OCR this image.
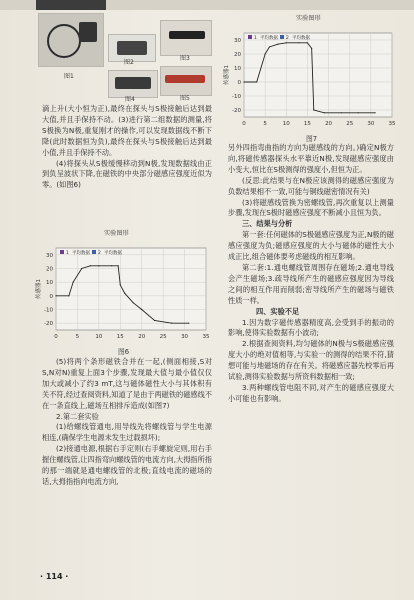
图1
图2
图3
图4	图5

滴上升(大小恒为正),最终在探头与S极接触后达到最大值,并且手保持不动。(3)进行第二组数据的测量,将S极换为N极,重复刚才的操作,可以发现数据线不断下降(此时数据恒为负),最终在探头与S极接触后达到最小值,并且手保持不动。

(4)将探头从S极缓慢移动到N极,发现数据线由正到负呈波状下降,在磁铁的中央部分磁感应强度近似为零。(如图6)

实验图形
0	5	10	15	20	25	30	35
30
20
10
0
-10
-20
传感器1
1 平均数据 2 平均数据
图6

(5)将两个条形磁铁合并在一起,(侧面相接,S对S,N对N)重复上面3个步骤,发现最大值与最小值仅仅加大或减小了约3 mT,这与磁体磁性大小与其体积有关不符,经过查阅资料,知道了是由于两磁铁的磁感线不在一条直线上,磁场互相排斥造成(如图7)

2.第二套实验

(1)给螺线管通电,用导线先将螺线管与学生电源相连,(确保学生电源未发生过载损坏);

(2)接通电源,根据右手定则(右手螺旋定则,用右手握住螺线管,让四指弯向螺线管的电流方向,大拇指所指的那一端就是通电螺线管的北极;直线电流的磁场的话,大拇指指向电流方向,

实验图形
0	5	10	15	20	25	30	35
30
20
10
0
-10
-20
传感器1
1 平均数据 2 平均数据
图7

另外四指弯曲指的方向为磁感线的方向。)确定N极方向,将磁传感器探头水平靠近N极,发现磁感应强度由小变大,恒比在S极测得的强度小,但恒为正。

(反思:此结果与在N极应该测得的磁感应强度为负数结果相不一致,可能与铜线磁密情况有关)

(3)将磁感线管换为密螺线管,再次重复以上测量步骤,发现在S极时磁感应强度不断减小且恒为负。

三、结果与分析

第一套:任何磁体的S极磁感应强度为正,N极的磁感应强度为负;磁感应强度的大小与磁体的磁性大小成正比,组合磁体要考虑磁线的相互影响。

第二套:1.通电螺线管周围存在磁场;2.通电导线会产生磁场;3.疏导线所产生的磁感应强度因为导线之间的相互作用而削弱;密导线所产生的磁场与磁铁性质一样。

四、实验不足

1.因为数字磁传感器精度高,会受到手的振动的影响,使得实验数据有小波动;

2.根据查阅资料,均匀磁体的N极与S极磁感应强度大小的绝对值相等,与实验一的测得的结果不符,猜想可能与地磁场的存在有关。将磁感应器先校零后再试验,测得实验数据与所资料数据相一致;

3.两种螺线管电阻不同,对产生的磁感应强度大小可能也有影响。

· 114 ·
